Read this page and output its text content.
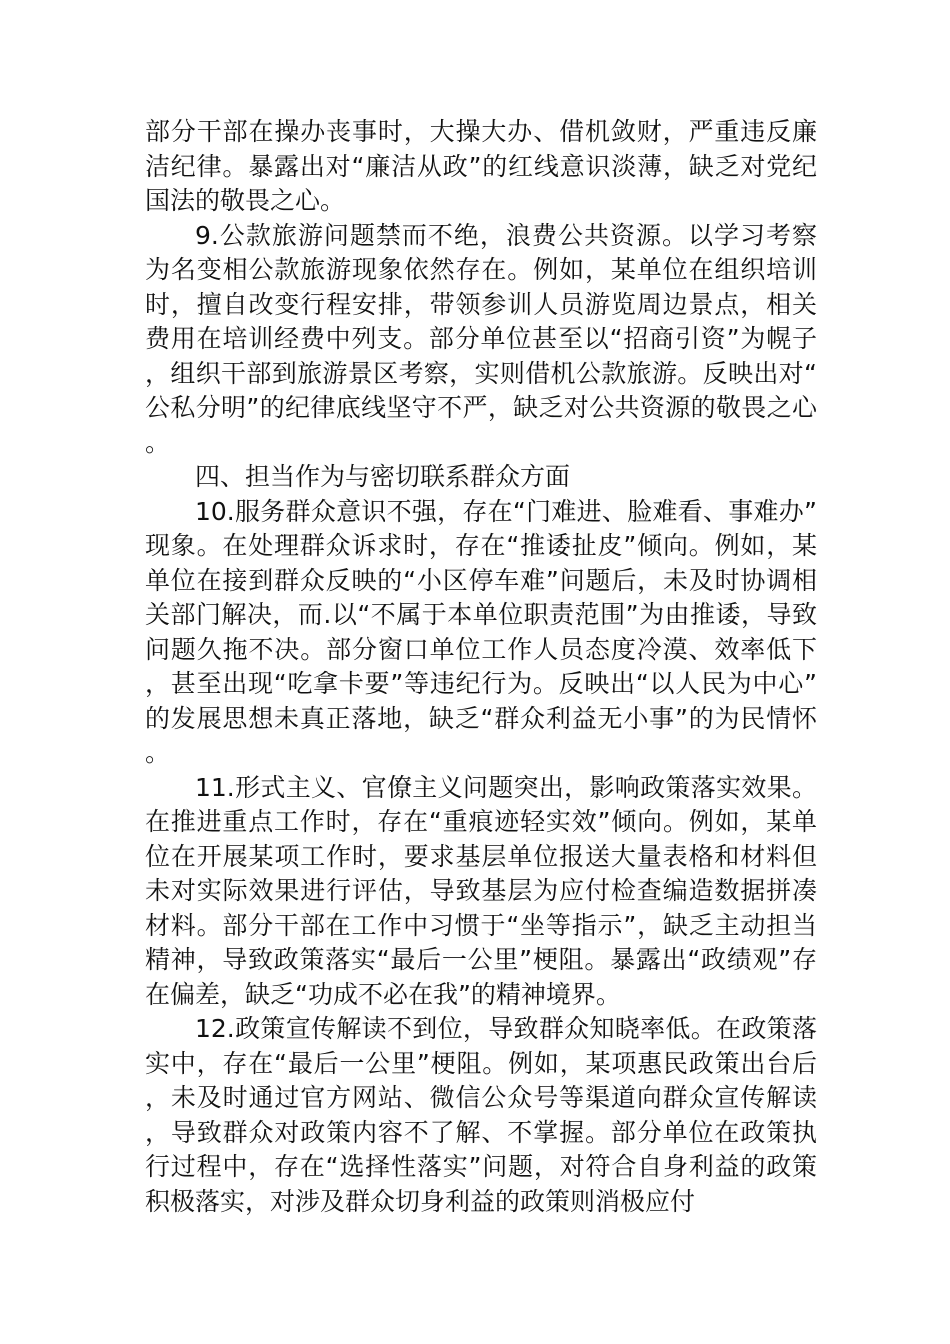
部分干部在操办丧事时，大操大办、借机敛财，严重违反廉洁纪律。暴露出对“廉洁从政”的红线意识淡薄，缺乏对党纪国法的敬畏之心。

9.公款旅游问题禁而不绝，浪费公共资源。以学习考察为名变相公款旅游现象依然存在。例如，某单位在组织培训时，擅自改变行程安排，带领参训人员游览周边景点，相关费用在培训经费中列支。部分单位甚至以“招商引资”为幌子，组织干部到旅游景区考察，实则借机公款旅游。反映出对“公私分明”的纪律底线坚守不严，缺乏对公共资源的敬畏之心。

四、担当作为与密切联系群众方面

10.服务群众意识不强，存在“门难进、脸难看、事难办”现象。在处理群众诉求时，存在“推诿扯皮”倾向。例如，某单位在接到群众反映的“小区停车难”问题后，未及时协调相关部门解决，而.以“不属于本单位职责范围”为由推诿，导致问题久拖不决。部分窗口单位工作人员态度冷漠、效率低下，甚至出现“吃拿卡要”等违纪行为。反映出“以人民为中心”的发展思想未真正落地，缺乏“群众利益无小事”的为民情怀。

11.形式主义、官僚主义问题突出，影响政策落实效果。在推进重点工作时，存在“重痕迹轻实效”倾向。例如，某单位在开展某项工作时，要求基层单位报送大量表格和材料但未对实际效果进行评估，导致基层为应付检查编造数据拼凑材料。部分干部在工作中习惯于“坐等指示”，缺乏主动担当精神，导致政策落实“最后一公里”梗阻。暴露出“政绩观”存在偏差，缺乏“功成不必在我”的精神境界。

12.政策宣传解读不到位，导致群众知晓率低。在政策落实中，存在“最后一公里”梗阻。例如，某项惠民政策出台后，未及时通过官方网站、微信公众号等渠道向群众宣传解读，导致群众对政策内容不了解、不掌握。部分单位在政策执行过程中，存在“选择性落实”问题，对符合自身利益的政策积极落实，对涉及群众切身利益的政策则消极应付
